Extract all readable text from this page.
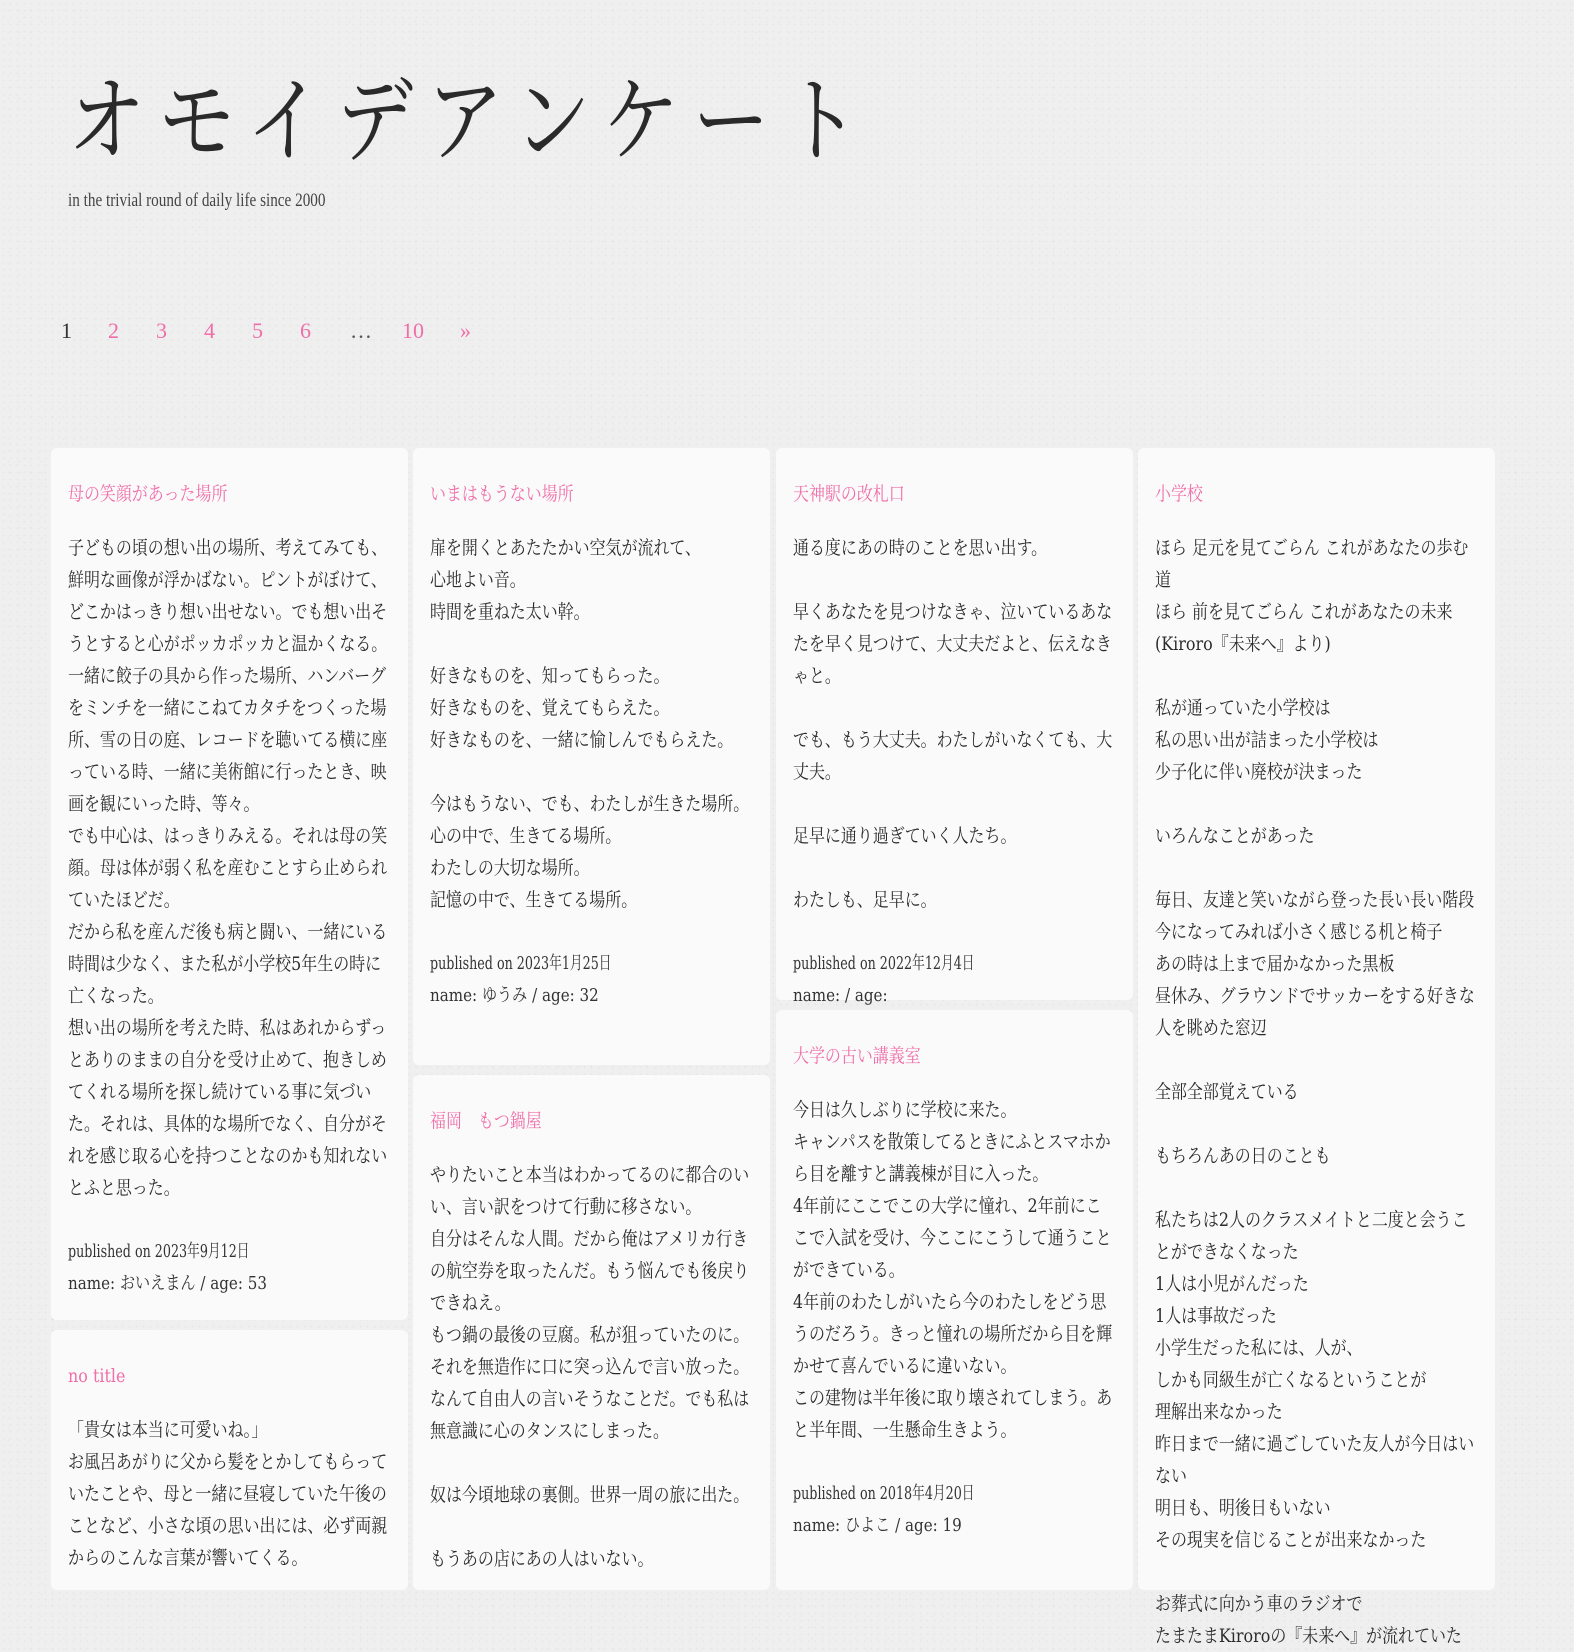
オモイデアンケート
in the trivial round of daily life since 2000
1 2 3 4 5 6 … 10 »
母の笑顔があった場所

子どもの頃の想い出の場所、考えてみても、鮮明な画像が浮かばない。ピントがぼけて、どこかはっきり想い出せない。でも想い出そうとすると心がポッカポッカと温かくなる。
一緒に餃子の具から作った場所、ハンバーグをミンチを一緒にこねてカタチをつくった場所、雪の日の庭、レコードを聴いてる横に座っている時、一緒に美術館に行ったとき、映画を観にいった時、等々。
でも中心は、はっきりみえる。それは母の笑顔。母は体が弱く私を産むことすら止められていたほどだ。
だから私を産んだ後も病と闘い、一緒にいる時間は少なく、また私が小学校5年生の時に亡くなった。
想い出の場所を考えた時、私はあれからずっとありのままの自分を受け止めて、抱きしめてくれる場所を探し続けている事に気づいた。それは、具体的な場所でなく、自分がそれを感じ取る心を持つことなのかも知れないとふと思った。

published on 2023年9月12日
name: おいえまん / age: 53
no title

「貴女は本当に可愛いね。」
お風呂あがりに父から髪をとかしてもらっていたことや、母と一緒に昼寝していた午後のことなど、小さな頃の思い出には、必ず両親からのこんな言葉が響いてくる。

いまはもうない場所

扉を開くとあたたかい空気が流れて、
心地よい音。
時間を重ねた太い幹。

好きなものを、知ってもらった。
好きなものを、覚えてもらえた。
好きなものを、一緒に愉しんでもらえた。

今はもうない、でも、わたしが生きた場所。
心の中で、生きてる場所。
わたしの大切な場所。
記憶の中で、生きてる場所。

published on 2023年1月25日
name: ゆうみ / age: 32
福岡　もつ鍋屋

やりたいこと本当はわかってるのに都合のいい、言い訳をつけて行動に移さない。
自分はそんな人間。だから俺はアメリカ行きの航空券を取ったんだ。もう悩んでも後戻りできねえ。
もつ鍋の最後の豆腐。私が狙っていたのに。
それを無造作に口に突っ込んで言い放った。
なんて自由人の言いそうなことだ。でも私は無意識に心のタンスにしまった。

奴は今頃地球の裏側。世界一周の旅に出た。

もうあの店にあの人はいない。

天神駅の改札口

通る度にあの時のことを思い出す。

早くあなたを見つけなきゃ、泣いているあなたを早く見つけて、大丈夫だよと、伝えなきゃと。

でも、もう大丈夫。わたしがいなくても、大丈夫。

足早に通り過ぎていく人たち。

わたしも、足早に。

published on 2022年12月4日
name: / age:
大学の古い講義室

今日は久しぶりに学校に来た。
キャンパスを散策してるときにふとスマホから目を離すと講義棟が目に入った。
4年前にここでこの大学に憧れ、2年前にここで入試を受け、今ここにこうして通うことができている。
4年前のわたしがいたら今のわたしをどう思うのだろう。きっと憧れの場所だから目を輝かせて喜んでいるに違いない。
この建物は半年後に取り壊されてしまう。あと半年間、一生懸命生きよう。

published on 2018年4月20日
name: ひよこ / age: 19
小学校

ほら 足元を見てごらん これがあなたの歩む道
ほら 前を見てごらん これがあなたの未来
(Kiroro『未来へ』より)

私が通っていた小学校は
私の思い出が詰まった小学校は
少子化に伴い廃校が決まった

いろんなことがあった

毎日、友達と笑いながら登った長い長い階段
今になってみれば小さく感じる机と椅子
あの時は上まで届かなかった黒板
昼休み、グラウンドでサッカーをする好きな人を眺めた窓辺

全部全部覚えている

もちろんあの日のことも

私たちは2人のクラスメイトと二度と会うことができなくなった
1人は小児がんだった
1人は事故だった
小学生だった私には、人が、
しかも同級生が亡くなるということが
理解出来なかった
昨日まで一緒に過ごしていた友人が今日はいない
明日も、明後日もいない
その現実を信じることが出来なかった

お葬式に向かう車のラジオで
たまたまKiroroの『未来へ』が流れていた
